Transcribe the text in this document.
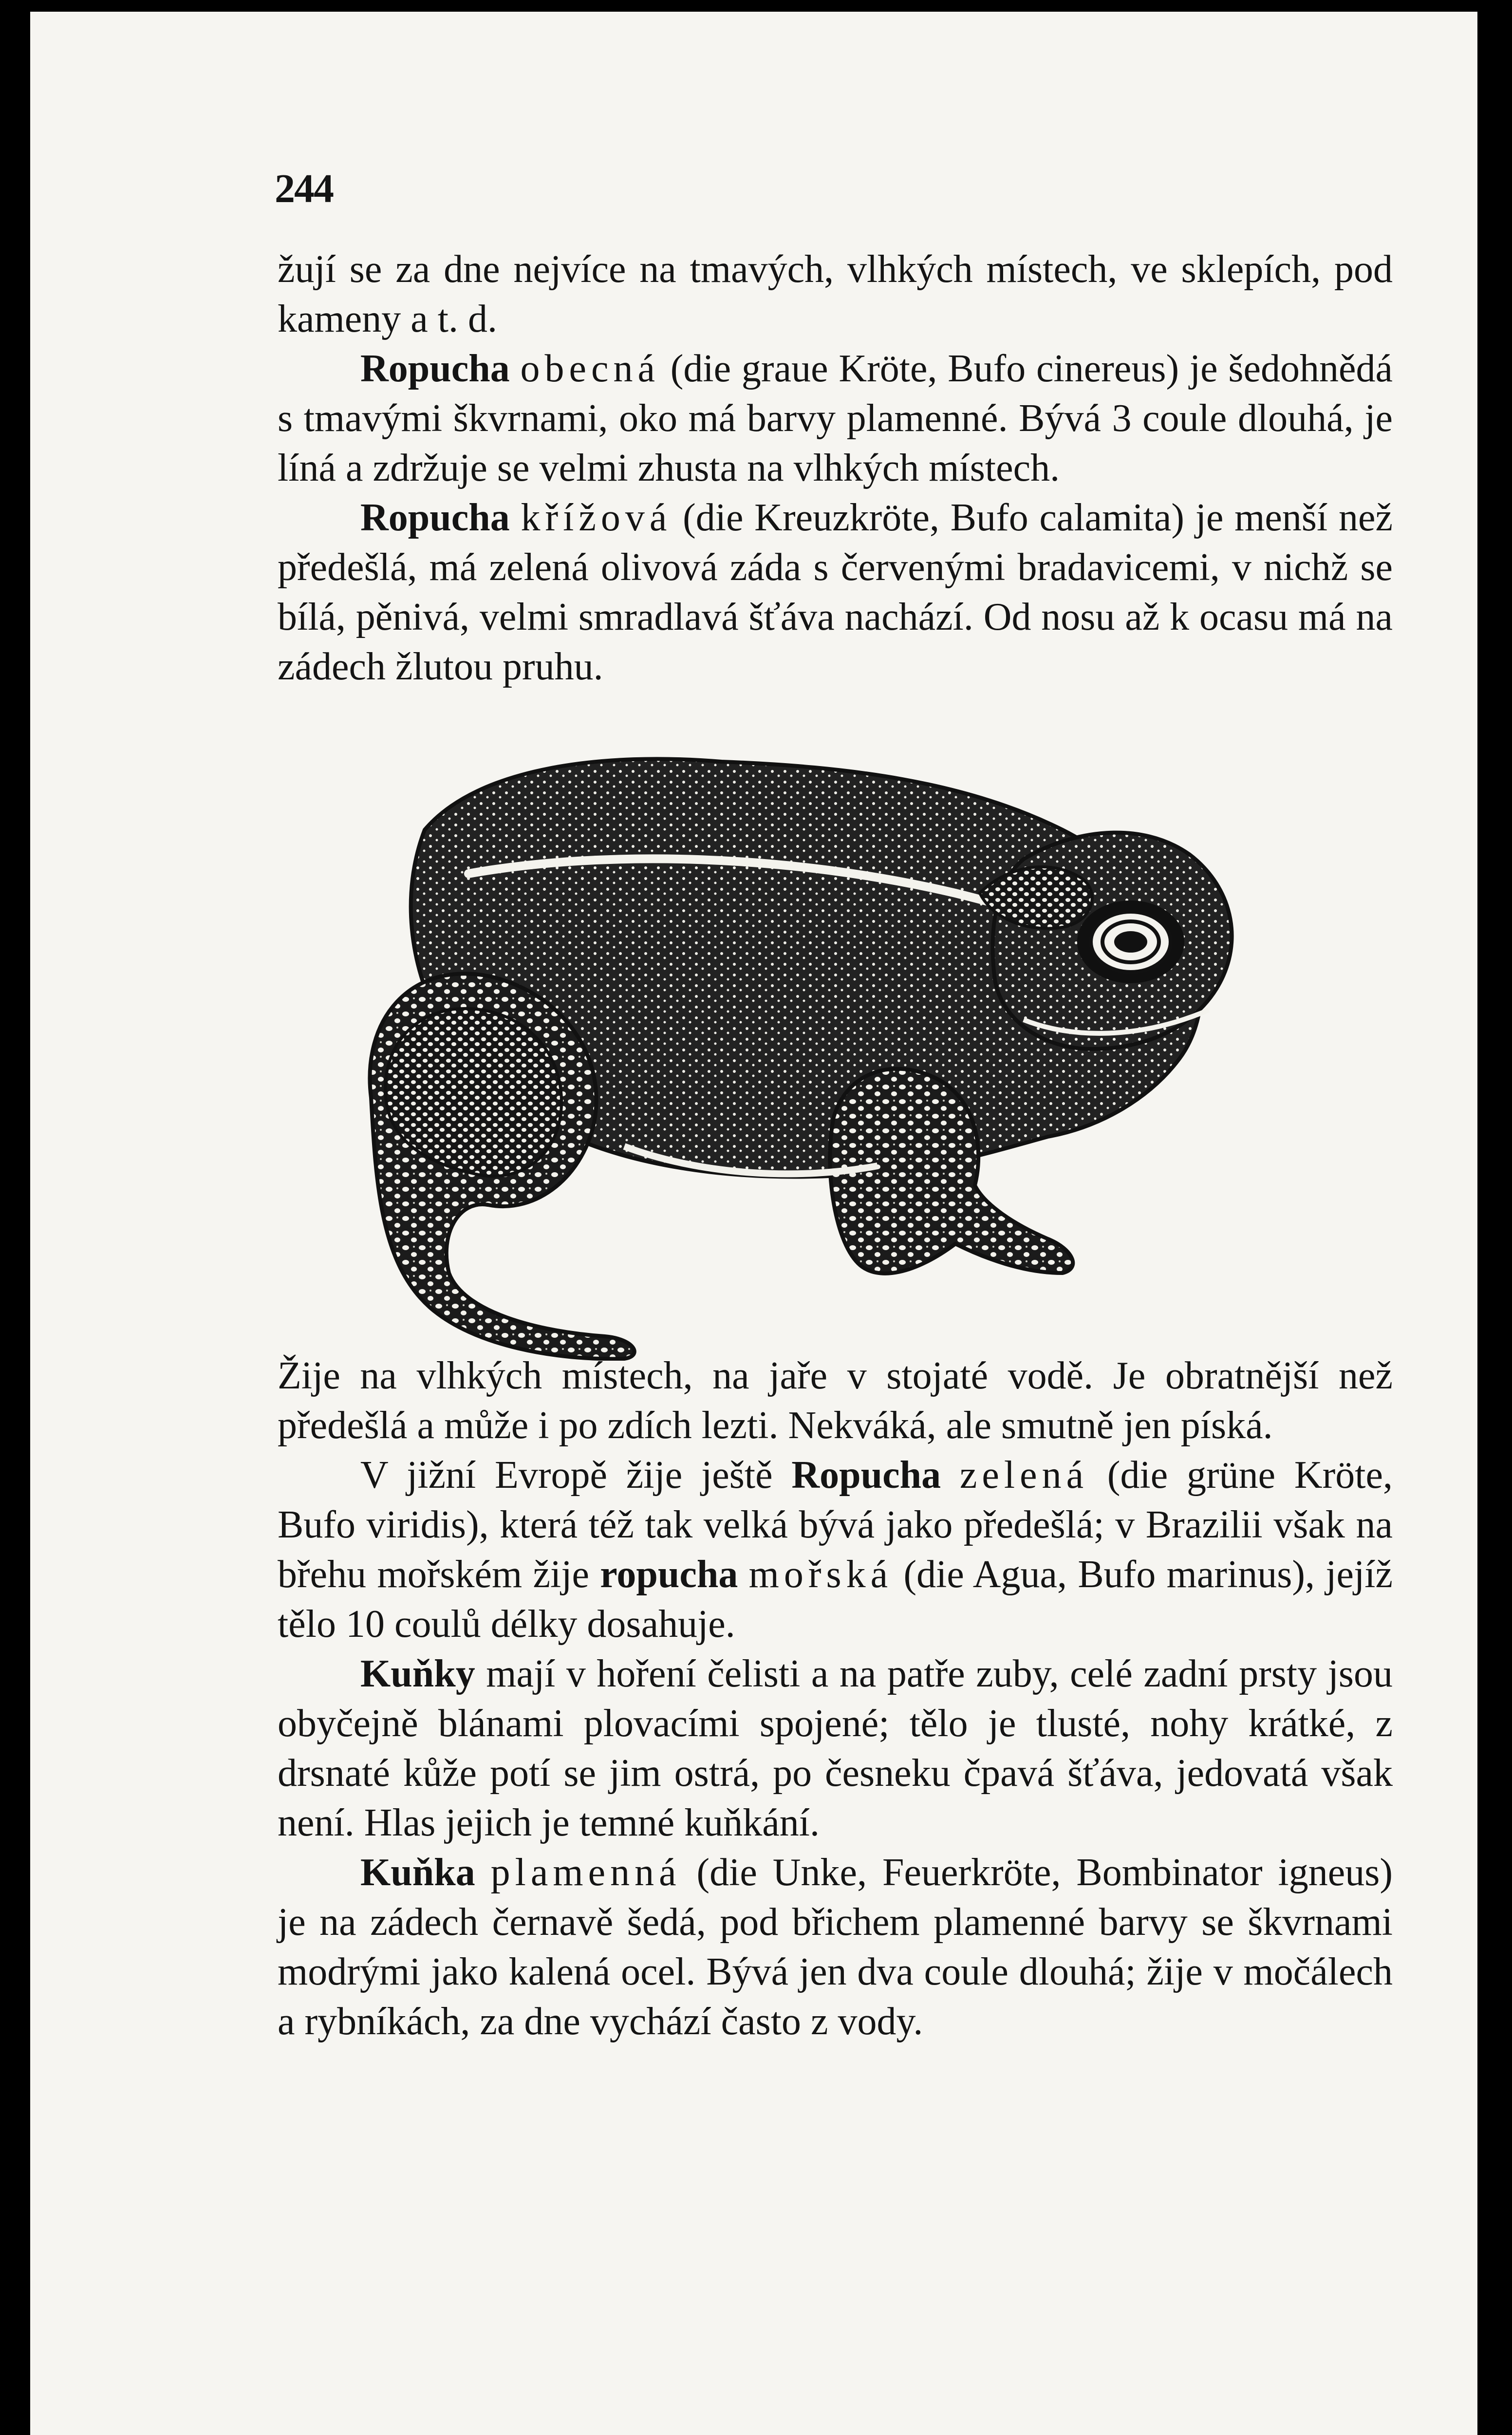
244

žují se za dne nejvíce na tmavých, vlhkých místech, ve sklepích, pod kameny a t. d.

Ropucha obecná (die graue Kröte, Bufo cinereus) je šedohnědá s tmavými škvrnami, oko má barvy plamenné. Bývá 3 coule dlouhá, je líná a zdržuje se velmi zhusta na vlhkých místech.

Ropucha křížová (die Kreuzkröte, Bufo calamita) je menší než předešlá, má zelená olivová záda s červenými bradavicemi, v nichž se bílá, pěnivá, velmi smradlavá šťáva nachází. Od nosu až k ocasu má na zádech žlutou pruhu.

Žije na vlhkých místech, na jaře v stojaté vodě. Je obratnější než předešlá a může i po zdích lezti. Nekváká, ale smutně jen píská.

V jižní Evropě žije ještě Ropucha zelená (die grüne Kröte, Bufo viridis), která též tak velká bývá jako předešlá; v Brazilii však na břehu mořském žije ropucha mořská (die Agua, Bufo marinus), jejíž tělo 10 coulů délky dosahuje.

Kuňky mají v hoření čelisti a na patře zuby, celé zadní prsty jsou obyčejně blánami plovacími spojené; tělo je tlusté, nohy krátké, z drsnaté kůže potí se jim ostrá, po česneku čpavá šťáva, jedovatá však není. Hlas jejich je temné kuňkání.

Kuňka plamenná (die Unke, Feuerkröte, Bombinator igneus) je na zádech černavě šedá, pod břichem plamenné barvy se škvrnami modrými jako kalená ocel. Bývá jen dva coule dlouhá; žije v močálech a rybníkách, za dne vychází často z vody.
